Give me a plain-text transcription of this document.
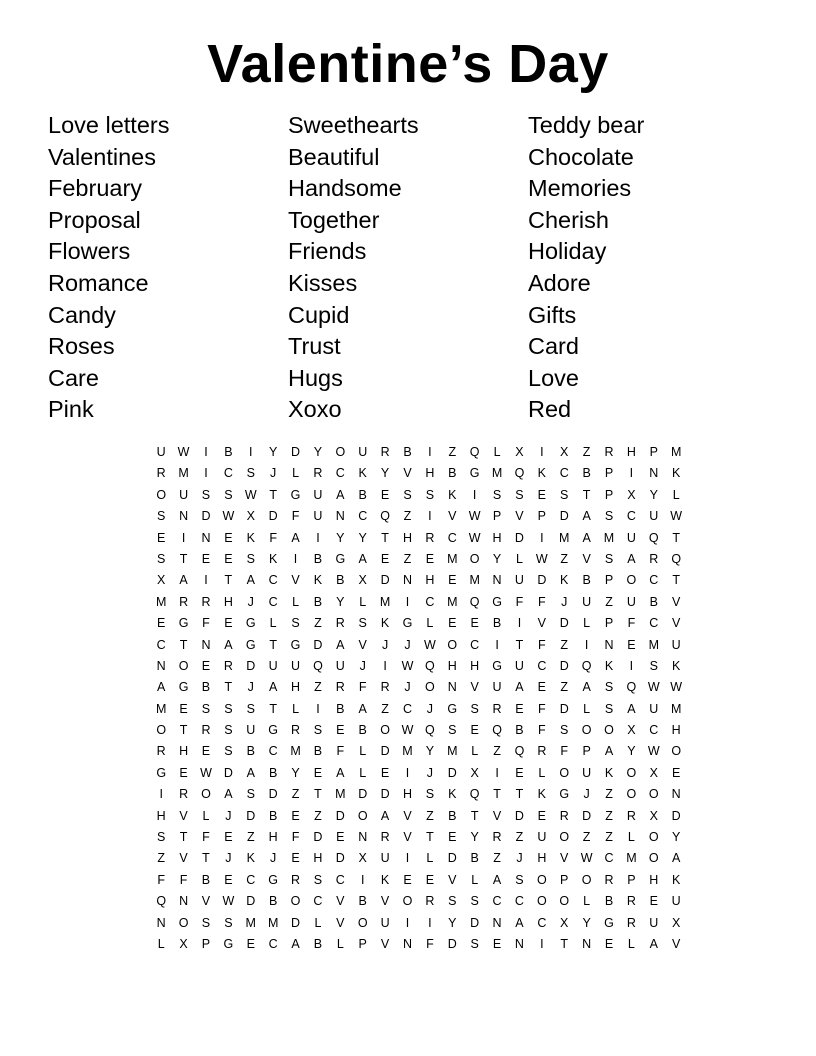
Valentine’s Day
Love letters
Valentines
February
Proposal
Flowers
Romance
Candy
Roses
Care
Pink
Sweethearts
Beautiful
Handsome
Together
Friends
Kisses
Cupid
Trust
Hugs
Xoxo
Teddy bear
Chocolate
Memories
Cherish
Holiday
Adore
Gifts
Card
Love
Red
U W	I	B	I	Y	D	Y	O	U	R	B	I	Z	Q	L	X	I	X	Z	R	H	P	M
R	M	I	C	S	J	L	R	C	K	Y	V	H	B	G M Q	K	C	B	P	I	N	K
O	U	S	S W	T	G	U	A	B	E	S	S	K	I	S	S	E	S	T	P	X	Y	L
S	N	D W X	D	F	U	N	C	Q	Z	I	V W P	V	P	D	A	S	C	U W
E	I	N	E	K	F	A	I	Y	Y	T	H	R	C W H	D	I	M	A	M	U	Q	T
S	T	E	E	S	K	I	B	G	A	E	Z	E	M O	Y	L	W	Z	V	S	A	R	Q
X	A	I	T	A	C	V	K	B	X	D	N	H	E	M	N	U	D	K	B	P	O	C	T
M	R	R	H	J	C	L	B	Y	L	M	I	C	M Q	G	F	F	J	U	Z	U	B	V
E	G	F	E	G	L	S	Z	R	S	K	G	L	E	E	B	I	V	D	L	P	F	C	V
C	T	N	A	G	T	G	D	A	V	J	J	W O	C	I	T	F	Z	I	N	E	M	U
N	O	E	R	D	U	U	Q	U	J	I	W Q	H	H	G	U	C	D	Q	K	I	S	K
A	G	B	T	J	A	H	Z	R	F	R	J	O	N	V	U	A	E	Z	A	S	Q W W
M	E	S	S	S	T	L	I	B	A	Z	C	J	G	S	R	E	F	D	L	S	A	U	M
O	T	R	S	U	G	R	S	E	B	O W Q	S	E	Q	B	F	S	O	O	X	C	H
R	H	E	S	B	C	M	B	F	L	D	M	Y	M	L	Z	Q	R	F	P	A	Y W O
G	E W D	A	B	Y	E	A	L	E	I	J	D	X	I	E	L	O	U	K	O	X	E
I	R	O	A	S	D	Z	T	M	D	D	H	S	K	Q	T	T	K	G	J	Z	O	O	N
H	V	L	J	D	B	E	Z	D	O	A	V	Z	B	T	V	D	E	R	D	Z	R	X	D
S	T	F	E	Z	H	F	D	E	N	R	V	T	E	Y	R	Z	U	O	Z	Z	L	O	Y
Z	V	T	J	K	J	E	H	D	X	U	I	L	D	B	Z	J	H	V W C	M O	A
F	F	B	E	C	G	R	S	C	I	K	E	E	V	L	A	S	O	P	O	R	P	H	K
Q	N	V W D	B	O	C	V	B	V	O	R	S	S	C	C	O	O	L	B	R	E	U
N	O	S	S	M M	D	L	V	O	U	I	I	Y	D	N	A	C	X	Y	G	R	U	X
L	X	P	G	E	C	A	B	L	P	V	N	F	D	S	E	N	I	T	N	E	L	A	V
